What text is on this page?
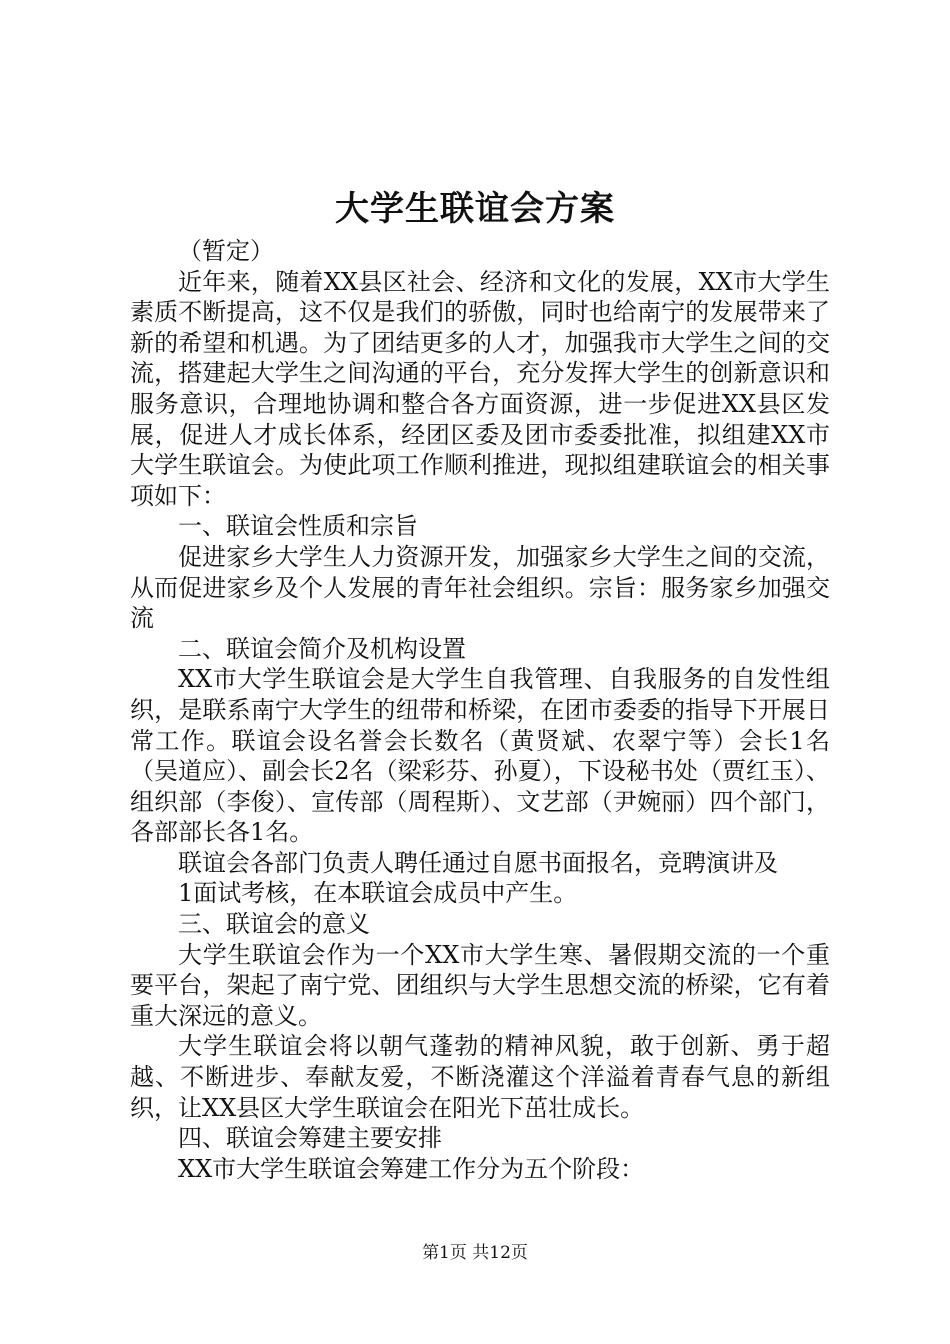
大学生联谊会方案

（暂定）

近年来，随着XX县区社会、经济和文化的发展，XX市大学生素质不断提高，这不仅是我们的骄傲，同时也给南宁的发展带来了新的希望和机遇。为了团结更多的人才，加强我市大学生之间的交流，搭建起大学生之间沟通的平台，充分发挥大学生的创新意识和服务意识，合理地协调和整合各方面资源，进一步促进XX县区发展，促进人才成长体系，经团区委及团市委委批准，拟组建XX市大学生联谊会。为使此项工作顺利推进，现拟组建联谊会的相关事项如下：

一、联谊会性质和宗旨

促进家乡大学生人力资源开发，加强家乡大学生之间的交流，从而促进家乡及个人发展的青年社会组织。宗旨：服务家乡加强交流

二、联谊会简介及机构设置

XX市大学生联谊会是大学生自我管理、自我服务的自发性组织，是联系南宁大学生的纽带和桥梁，在团市委委的指导下开展日常工作。联谊会设名誉会长数名（黄贤斌、农翠宁等）会长1名（吴道应）、副会长2名（梁彩芬、孙夏），下设秘书处（贾红玉）、组织部（李俊）、宣传部（周程斯）、文艺部（尹婉丽）四个部门，各部部长各1名。

联谊会各部门负责人聘任通过自愿书面报名，竞聘演讲及

1面试考核，在本联谊会成员中产生。

三、联谊会的意义

大学生联谊会作为一个XX市大学生寒、暑假期交流的一个重要平台，架起了南宁党、团组织与大学生思想交流的桥梁，它有着重大深远的意义。

大学生联谊会将以朝气蓬勃的精神风貌，敢于创新、勇于超越、不断进步、奉献友爱，不断浇灌这个洋溢着青春气息的新组织，让XX县区大学生联谊会在阳光下茁壮成长。

四、联谊会筹建主要安排

XX市大学生联谊会筹建工作分为五个阶段：

第1页 共12页
